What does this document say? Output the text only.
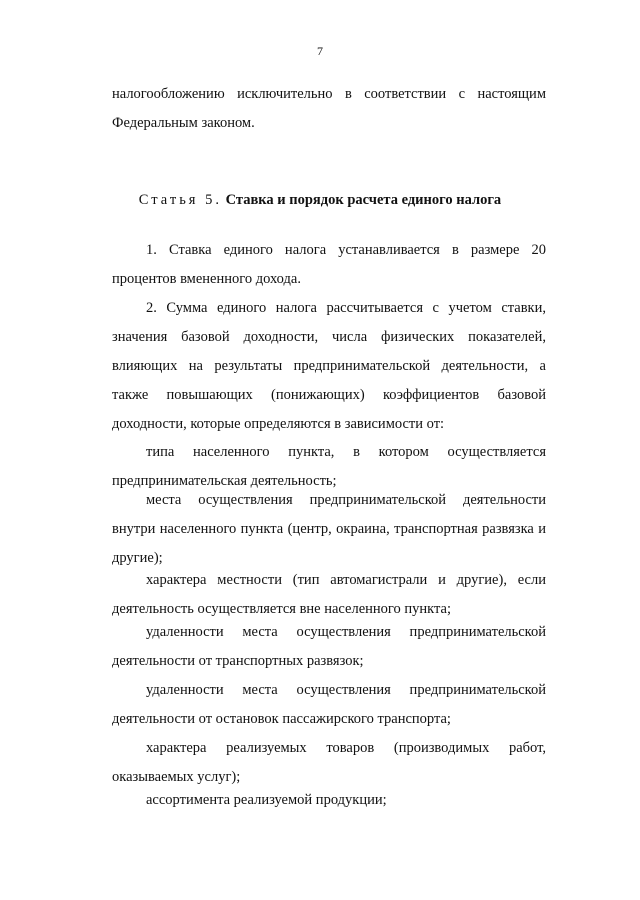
7

налогообложению исключительно в соответствии с настоящим Федеральным законом.

Статья 5. Ставка и порядок расчета единого налога

1. Ставка единого налога устанавливается в размере 20 процентов вмененного дохода.

2. Сумма единого налога рассчитывается с учетом ставки, значения базовой доходности, числа физических показателей, влияющих на результаты предпринимательской деятельности, а также повышающих (понижающих) коэффициентов базовой доходности, которые определяются в зависимости от:

типа населенного пункта, в котором осуществляется предпринимательская деятельность;

места осуществления предпринимательской деятельности внутри населенного пункта (центр, окраина, транспортная развязка и другие);

характера местности (тип автомагистрали и другие), если деятельность осуществляется вне населенного пункта;

удаленности места осуществления предпринимательской деятельности от транспортных развязок;

удаленности места осуществления предпринимательской деятельности от остановок пассажирского транспорта;

характера реализуемых товаров (производимых работ, оказываемых услуг);

ассортимента реализуемой продукции;
